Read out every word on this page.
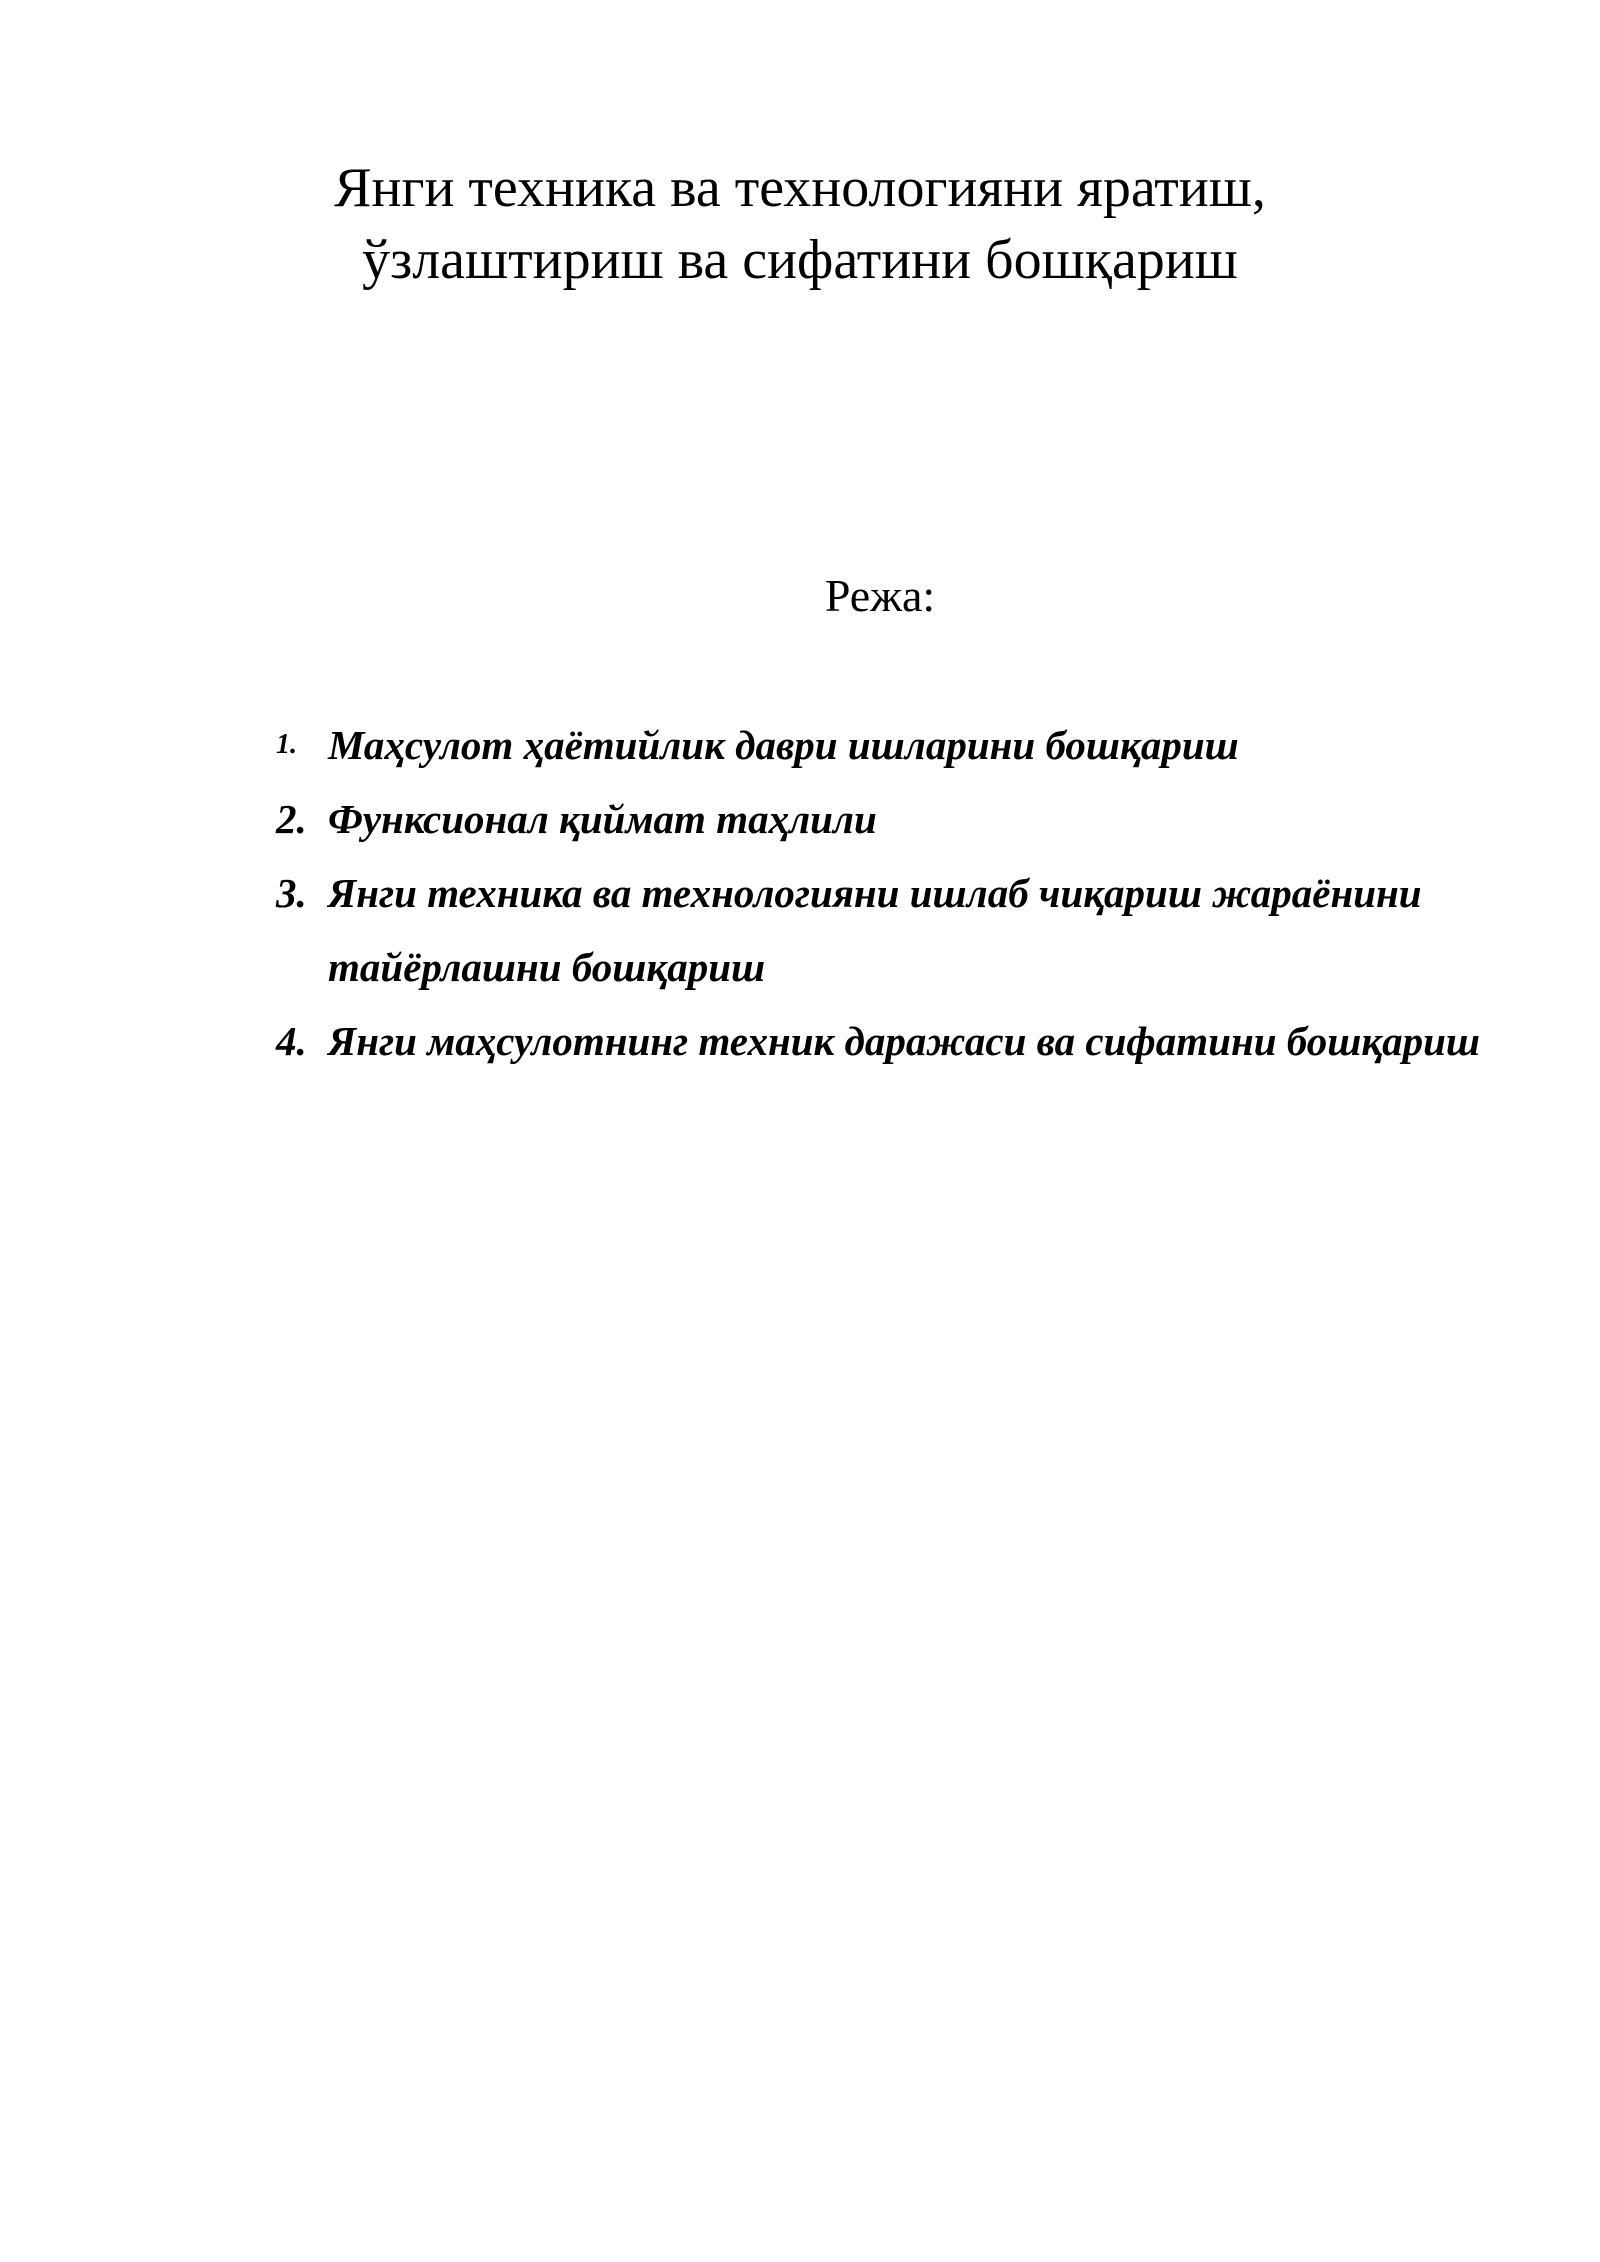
Янги техника ва технологияни яратиш,
ўзлаштириш ва сифатини бошқариш

Режа:

1. Маҳсулот ҳаётийлик даври ишларини бошқариш
2. Функсионал қиймат таҳлили
3. Янги техника ва технологияни ишлаб чиқариш жараёнини тайёрлашни бошқариш
4. Янги маҳсулотнинг техник даражаси ва сифатини бошқариш
